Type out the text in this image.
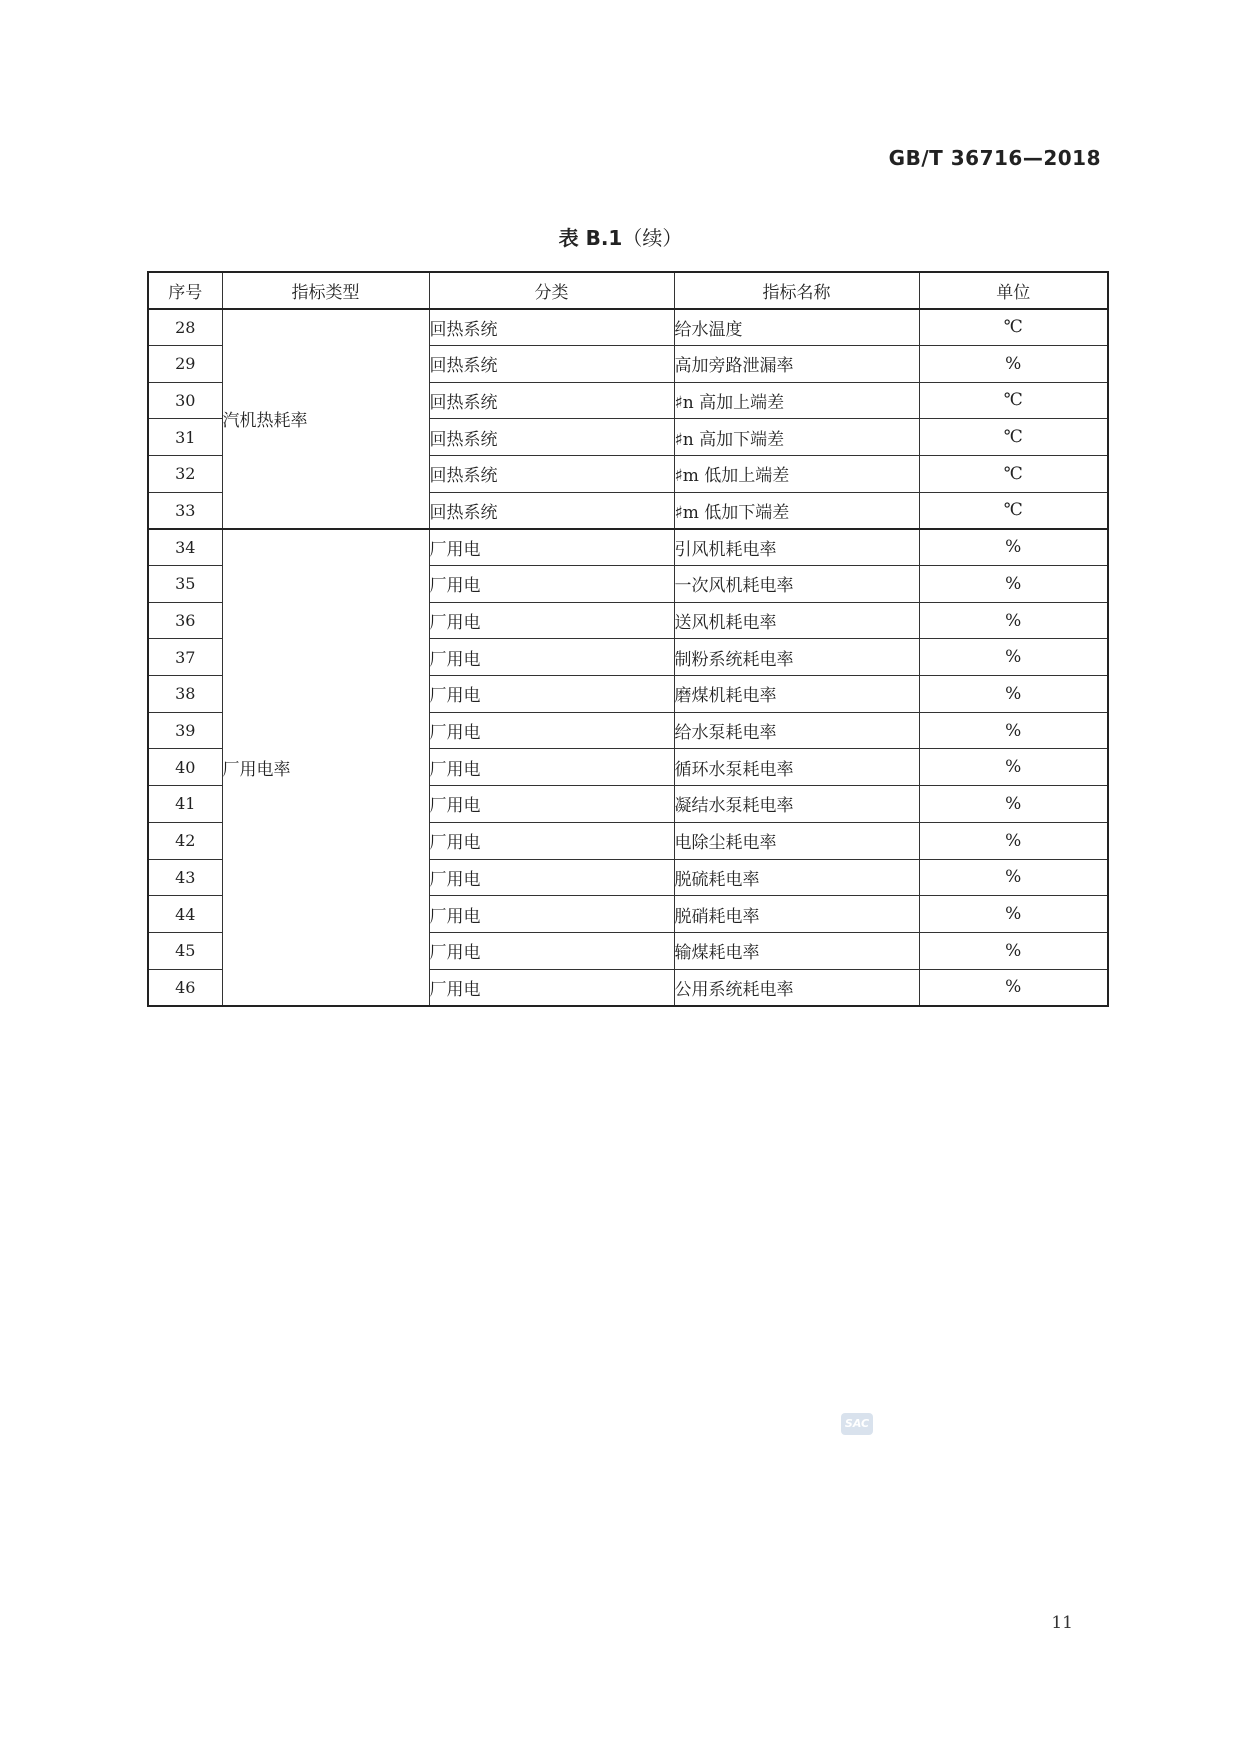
GB/T 36716—2018
表 B.1（续）
序号	指标类型	分类	指标名称	单位
28	汽机热耗率	回热系统	给水温度	℃
29		回热系统	高加旁路泄漏率	%
30		回热系统	♯n 高加上端差	℃
31		回热系统	♯n 高加下端差	℃
32		回热系统	♯m 低加上端差	℃
33		回热系统	♯m 低加下端差	℃
34	厂用电率	厂用电	引风机耗电率	%
35		厂用电	一次风机耗电率	%
36		厂用电	送风机耗电率	%
37		厂用电	制粉系统耗电率	%
38		厂用电	磨煤机耗电率	%
39		厂用电	给水泵耗电率	%
40		厂用电	循环水泵耗电率	%
41		厂用电	凝结水泵耗电率	%
42		厂用电	电除尘耗电率	%
43		厂用电	脱硫耗电率	%
44		厂用电	脱硝耗电率	%
45		厂用电	输煤耗电率	%
46		厂用电	公用系统耗电率	%
SAC
11
